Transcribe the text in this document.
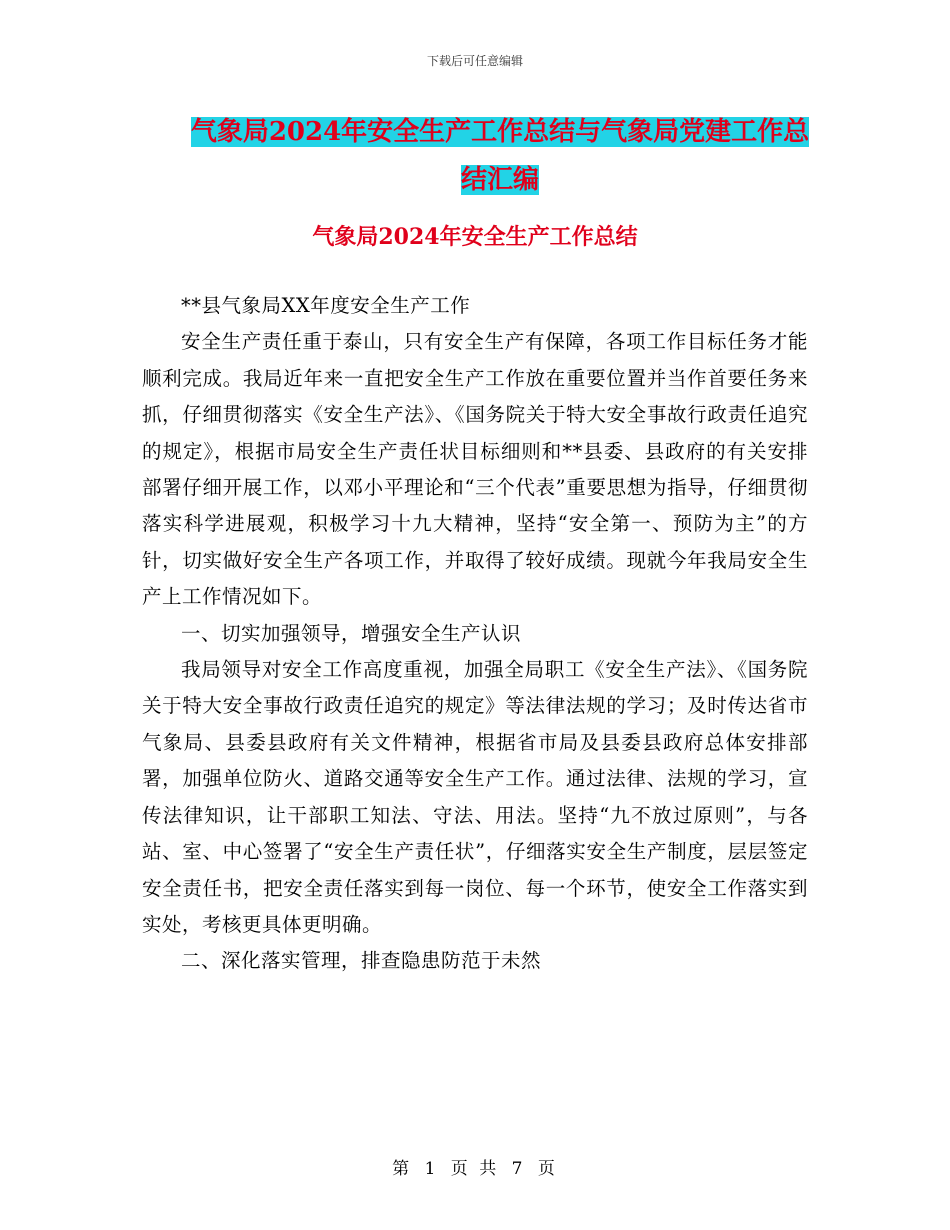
下载后可任意编辑
气象局2024年安全生产工作总结与气象局党建工作总
结汇编
气象局2024年安全生产工作总结

**县气象局XX年度安全生产工作

安全生产责任重于泰山，只有安全生产有保障，各项工作目标任务才能顺利完成。我局近年来一直把安全生产工作放在重要位置并当作首要任务来抓，仔细贯彻落实《安全生产法》、《国务院关于特大安全事故行政责任追究的规定》，根据市局安全生产责任状目标细则和**县委、县政府的有关安排部署仔细开展工作，以邓小平理论和“三个代表”重要思想为指导，仔细贯彻落实科学进展观，积极学习十九大精神，坚持“安全第一、预防为主”的方针，切实做好安全生产各项工作，并取得了较好成绩。现就今年我局安全生产上工作情况如下。

一、切实加强领导，增强安全生产认识

我局领导对安全工作高度重视，加强全局职工《安全生产法》、《国务院关于特大安全事故行政责任追究的规定》等法律法规的学习；及时传达省市气象局、县委县政府有关文件精神，根据省市局及县委县政府总体安排部署，加强单位防火、道路交通等安全生产工作。通过法律、法规的学习，宣传法律知识，让干部职工知法、守法、用法。坚持“九不放过原则”，与各站、室、中心签署了“安全生产责任状”，仔细落实安全生产制度，层层签定安全责任书，把安全责任落实到每一岗位、每一个环节，使安全工作落实到实处，考核更具体更明确。

二、深化落实管理，排查隐患防范于未然

第 1 页 共 7 页
